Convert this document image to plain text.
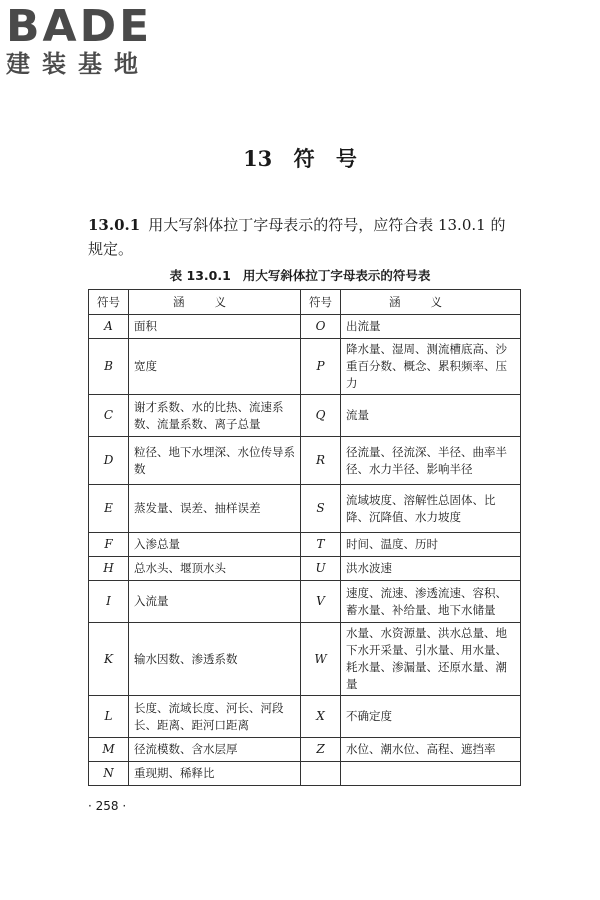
BADE
建装基地
13 符 号
13.0.1 用大写斜体拉丁字母表示的符号，应符合表 13.0.1 的规定。
表 13.0.1 用大写斜体拉丁字母表示的符号表
符号	涵义	符号	涵义
A	面积	O	出流量
B	宽度	P	降水量、湿周、测流槽底高、沙重百分数、概念、累积频率、压力
C	谢才系数、水的比热、流速系数、流量系数、离子总量	Q	流量
D	粒径、地下水埋深、水位传导系数	R	径流量、径流深、半径、曲率半径、水力半径、影响半径
E	蒸发量、误差、抽样误差	S	流域坡度、溶解性总固体、比降、沉降值、水力坡度
F	入渗总量	T	时间、温度、历时
H	总水头、堰顶水头	U	洪水波速
I	入流量	V	速度、流速、渗透流速、容积、蓄水量、补给量、地下水储量
K	输水因数、渗透系数	W	水量、水资源量、洪水总量、地下水开采量、引水量、用水量、耗水量、渗漏量、还原水量、潮量
L	长度、流域长度、河长、河段长、距离、距河口距离	X	不确定度
M	径流模数、含水层厚	Z	水位、潮水位、高程、遮挡率
N	重现期、稀释比		
· 258 ·
